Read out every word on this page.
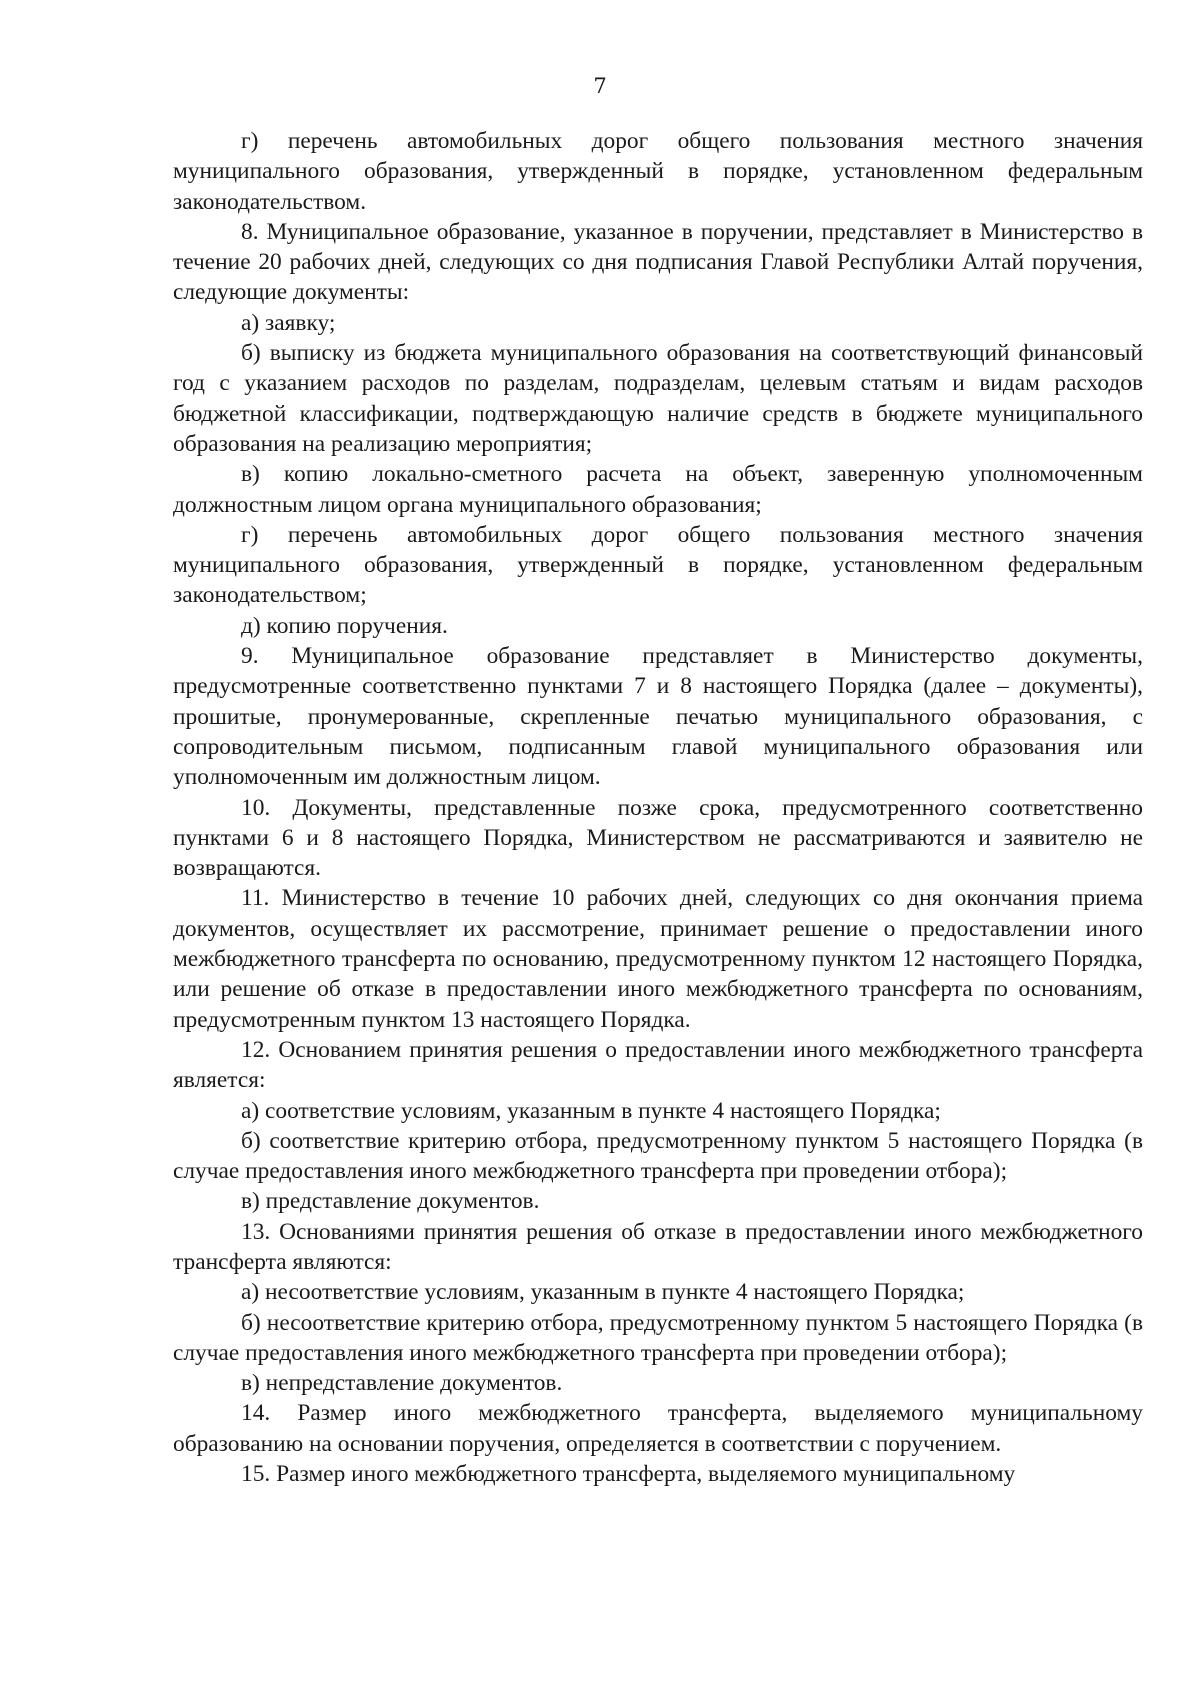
7

г) перечень автомобильных дорог общего пользования местного значения муниципального образования, утвержденный в порядке, установленном федеральным законодательством.

8. Муниципальное образование, указанное в поручении, представляет в Министерство в течение 20 рабочих дней, следующих со дня подписания Главой Республики Алтай поручения, следующие документы:

а) заявку;

б) выписку из бюджета муниципального образования на соответствующий финансовый год с указанием расходов по разделам, подразделам, целевым статьям и видам расходов бюджетной классификации, подтверждающую наличие средств в бюджете муниципального образования на реализацию мероприятия;

в) копию локально-сметного расчета на объект, заверенную уполномоченным должностным лицом органа муниципального образования;

г) перечень автомобильных дорог общего пользования местного значения муниципального образования, утвержденный в порядке, установленном федеральным законодательством;

д) копию поручения.

9. Муниципальное образование представляет в Министерство документы, предусмотренные соответственно пунктами 7 и 8 настоящего Порядка (далее – документы), прошитые, пронумерованные, скрепленные печатью муниципального образования, с сопроводительным письмом, подписанным главой муниципального образования или уполномоченным им должностным лицом.

10. Документы, представленные позже срока, предусмотренного соответственно пунктами 6 и 8 настоящего Порядка, Министерством не рассматриваются и заявителю не возвращаются.

11. Министерство в течение 10 рабочих дней, следующих со дня окончания приема документов, осуществляет их рассмотрение, принимает решение о предоставлении иного межбюджетного трансферта по основанию, предусмотренному пунктом 12 настоящего Порядка, или решение об отказе в предоставлении иного межбюджетного трансферта по основаниям, предусмотренным пунктом 13 настоящего Порядка.

12. Основанием принятия решения о предоставлении иного межбюджетного трансферта является:

а) соответствие условиям, указанным в пункте 4 настоящего Порядка;

б) соответствие критерию отбора, предусмотренному пунктом 5 настоящего Порядка (в случае предоставления иного межбюджетного трансферта при проведении отбора);

в) представление документов.

13. Основаниями принятия решения об отказе в предоставлении иного межбюджетного трансферта являются:

а) несоответствие условиям, указанным в пункте 4 настоящего Порядка;

б) несоответствие критерию отбора, предусмотренному пунктом 5 настоящего Порядка (в случае предоставления иного межбюджетного трансферта при проведении отбора);

в) непредставление документов.

14. Размер иного межбюджетного трансферта, выделяемого муниципальному образованию на основании поручения, определяется в соответствии с поручением.

15. Размер иного межбюджетного трансферта, выделяемого муниципальному
